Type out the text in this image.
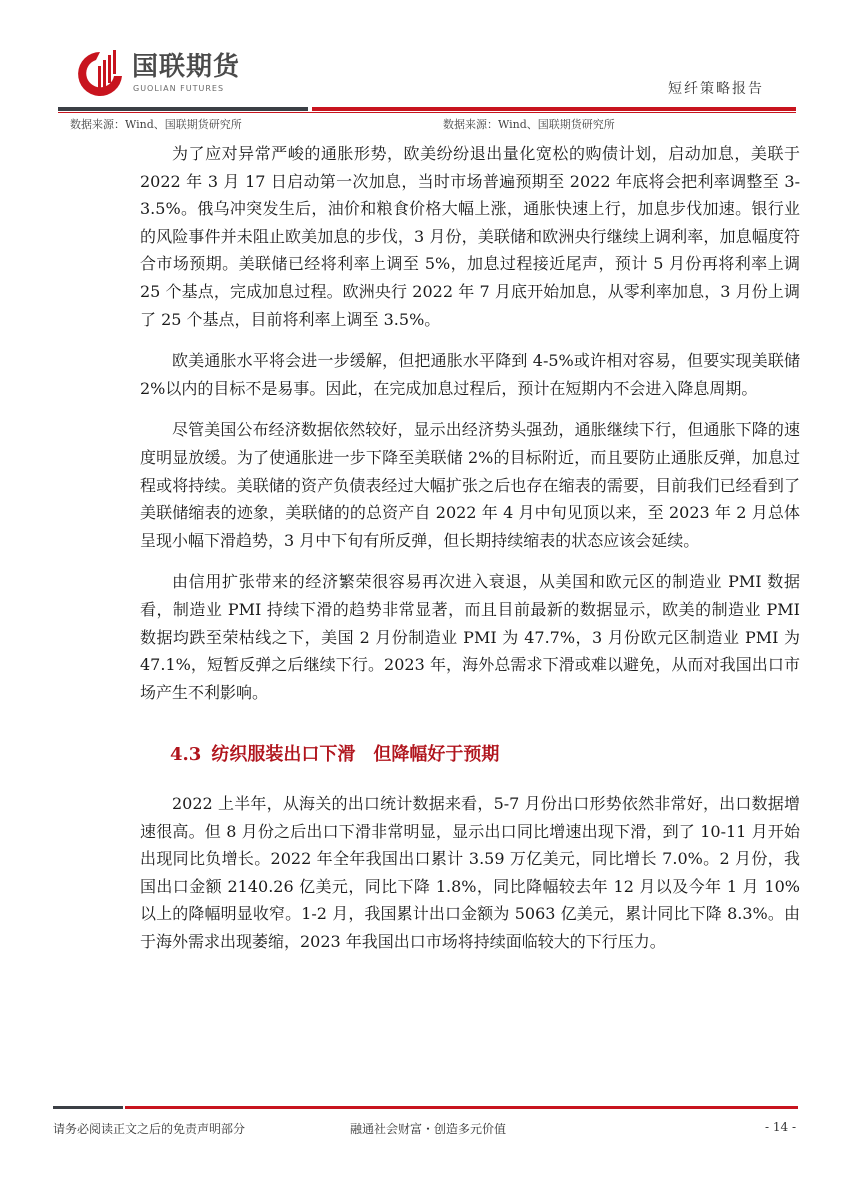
国联期货
GUOLIAN FUTURES	短纤策略报告
数据来源：Wind、国联期货研究所	数据来源：Wind、国联期货研究所

为了应对异常严峻的通胀形势，欧美纷纷退出量化宽松的购债计划，启动加息，美联于 2022 年 3 月 17 日启动第一次加息，当时市场普遍预期至 2022 年底将会把利率调整至 3-3.5%。俄乌冲突发生后，油价和粮食价格大幅上涨，通胀快速上行，加息步伐加速。银行业的风险事件并未阻止欧美加息的步伐，3 月份，美联储和欧洲央行继续上调利率，加息幅度符合市场预期。美联储已经将利率上调至 5%，加息过程接近尾声，预计 5 月份再将利率上调 25 个基点，完成加息过程。欧洲央行 2022 年 7 月底开始加息，从零利率加息，3 月份上调了 25 个基点，目前将利率上调至 3.5%。

欧美通胀水平将会进一步缓解，但把通胀水平降到 4-5%或许相对容易，但要实现美联储 2%以内的目标不是易事。因此，在完成加息过程后，预计在短期内不会进入降息周期。

尽管美国公布经济数据依然较好，显示出经济势头强劲，通胀继续下行，但通胀下降的速度明显放缓。为了使通胀进一步下降至美联储 2%的目标附近，而且要防止通胀反弹，加息过程或将持续。美联储的资产负债表经过大幅扩张之后也存在缩表的需要，目前我们已经看到了美联储缩表的迹象，美联储的的总资产自 2022 年 4 月中旬见顶以来，至 2023 年 2 月总体呈现小幅下滑趋势，3 月中下旬有所反弹，但长期持续缩表的状态应该会延续。

由信用扩张带来的经济繁荣很容易再次进入衰退，从美国和欧元区的制造业 PMI 数据看，制造业 PMI 持续下滑的趋势非常显著，而且目前最新的数据显示，欧美的制造业 PMI 数据均跌至荣枯线之下，美国 2 月份制造业 PMI 为 47.7%，3 月份欧元区制造业 PMI 为 47.1%，短暂反弹之后继续下行。2023 年，海外总需求下滑或难以避免，从而对我国出口市场产生不利影响。

4.3 纺织服装出口下滑　但降幅好于预期

2022 上半年，从海关的出口统计数据来看，5-7 月份出口形势依然非常好，出口数据增速很高。但 8 月份之后出口下滑非常明显，显示出口同比增速出现下滑，到了 10-11 月开始出现同比负增长。2022 年全年我国出口累计 3.59 万亿美元，同比增长 7.0%。2 月份，我国出口金额 2140.26 亿美元，同比下降 1.8%，同比降幅较去年 12 月以及今年 1 月 10%以上的降幅明显收窄。1-2 月，我国累计出口金额为 5063 亿美元，累计同比下降 8.3%。由于海外需求出现萎缩，2023 年我国出口市场将持续面临较大的下行压力。

请务必阅读正文之后的免责声明部分	融通社会财富・创造多元价值	- 14 -
